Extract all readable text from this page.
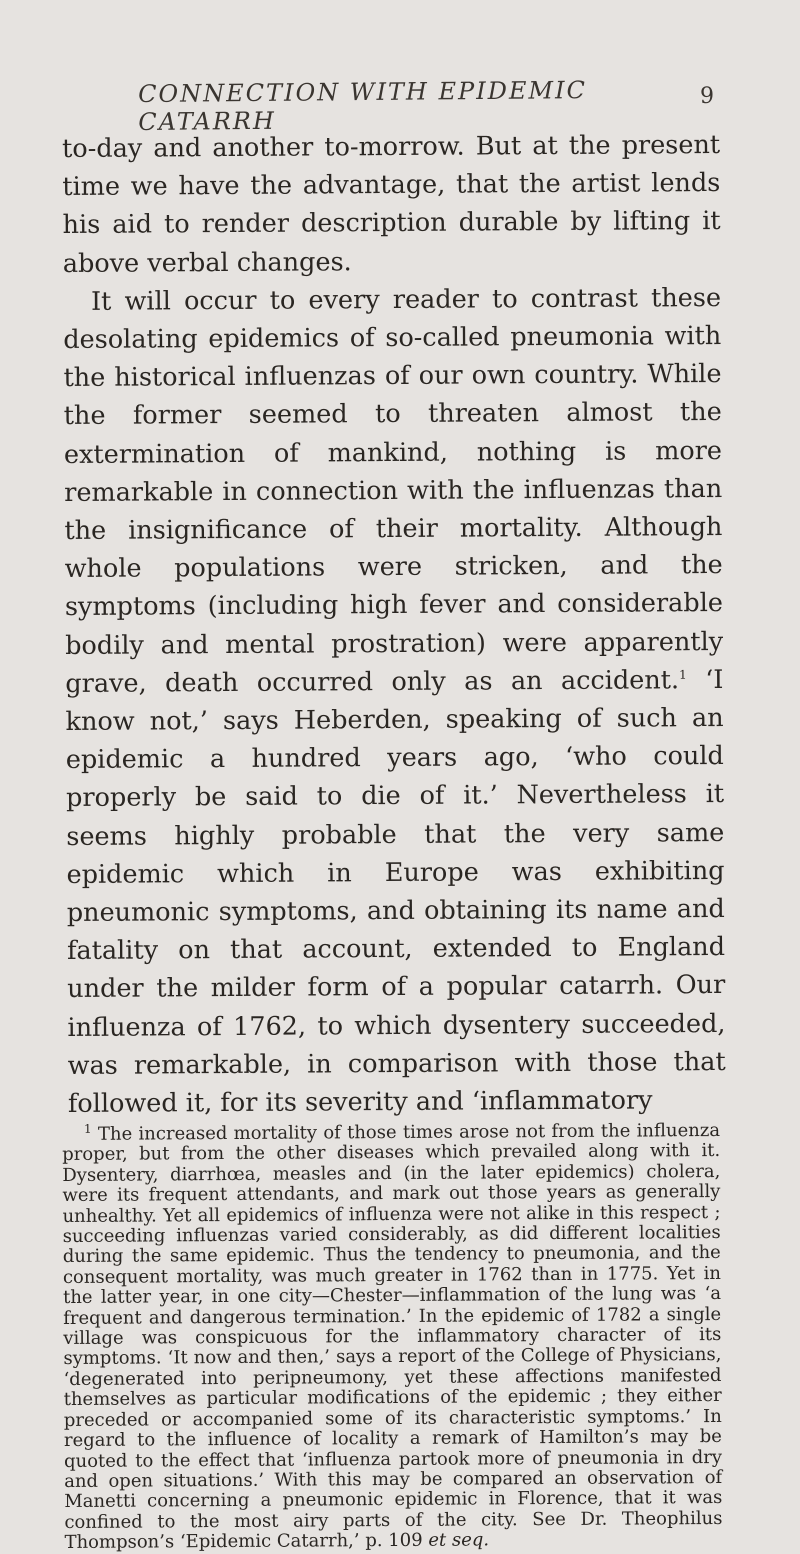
CONNECTION WITH EPIDEMIC CATARRH
9

to-day and another to-morrow. But at the present time we have the advantage, that the artist lends his aid to render description durable by lifting it above verbal changes.

It will occur to every reader to contrast these desolating epidemics of so-called pneumonia with the historical influenzas of our own country. While the former seemed to threaten almost the extermination of mankind, nothing is more remarkable in connection with the influenzas than the insignificance of their mortality. Although whole populations were stricken, and the symptoms (including high fever and considerable bodily and mental prostration) were apparently grave, death occurred only as an accident.$^1$ ‘I know not,’ says Heberden, speaking of such an epidemic a hundred years ago, ‘who could properly be said to die of it.’ Nevertheless it seems highly probable that the very same epidemic which in Europe was exhibiting pneumonic symptoms, and obtaining its name and fatality on that account, extended to England under the milder form of a popular catarrh. Our influenza of 1762, to which dysentery succeeded, was remarkable, in comparison with those that followed it, for its severity and ‘inflammatory

$^1$ The increased mortality of those times arose not from the influenza proper, but from the other diseases which prevailed along with it. Dysentery, diarrhœa, measles and (in the later epidemics) cholera, were its frequent attendants, and mark out those years as generally unhealthy. Yet all epidemics of influenza were not alike in this respect ; succeeding influenzas varied considerably, as did different localities during the same epidemic. Thus the tendency to pneumonia, and the consequent mortality, was much greater in 1762 than in 1775. Yet in the latter year, in one city—Chester—inflammation of the lung was ‘a frequent and dangerous termination.’ In the epidemic of 1782 a single village was conspicuous for the inflammatory character of its symptoms. ‘It now and then,’ says a report of the College of Physicians, ‘degenerated into peripneumony, yet these affections manifested themselves as particular modifications of the epidemic ; they either preceded or accompanied some of its characteristic symptoms.’ In regard to the influence of locality a remark of Hamilton’s may be quoted to the effect that ‘influenza partook more of pneumonia in dry and open situations.’ With this may be compared an observation of Manetti concerning a pneumonic epidemic in Florence, that it was confined to the most airy parts of the city. See Dr. Theophilus Thompson’s ‘Epidemic Catarrh,’ p. 109 et seq.
